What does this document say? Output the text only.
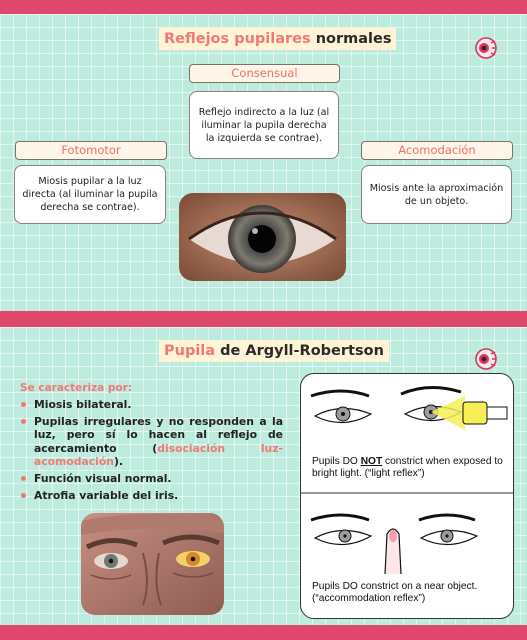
Reflejos pupilares normales
Consensual
Reflejo indirecto a la luz (al iluminar la pupila derecha la izquierda se contrae).
Fotomotor
Miosis pupilar a la luz directa (al iluminar la pupila derecha se contrae).
Acomodación
Miosis ante la aproximación de un objeto.
Pupila de Argyll-Robertson
Se caracteriza por:
Miosis bilateral.
Pupilas irregulares y no responden a la luz, pero sí lo hacen al reflejo de acercamiento (disociación luz-acomodación).
Función visual normal.
Atrofia variable del iris.
Pupils DO NOT constrict when exposed to bright light. (“light reflex”)
Pupils DO constrict on a near object. (“accommodation reflex”)
